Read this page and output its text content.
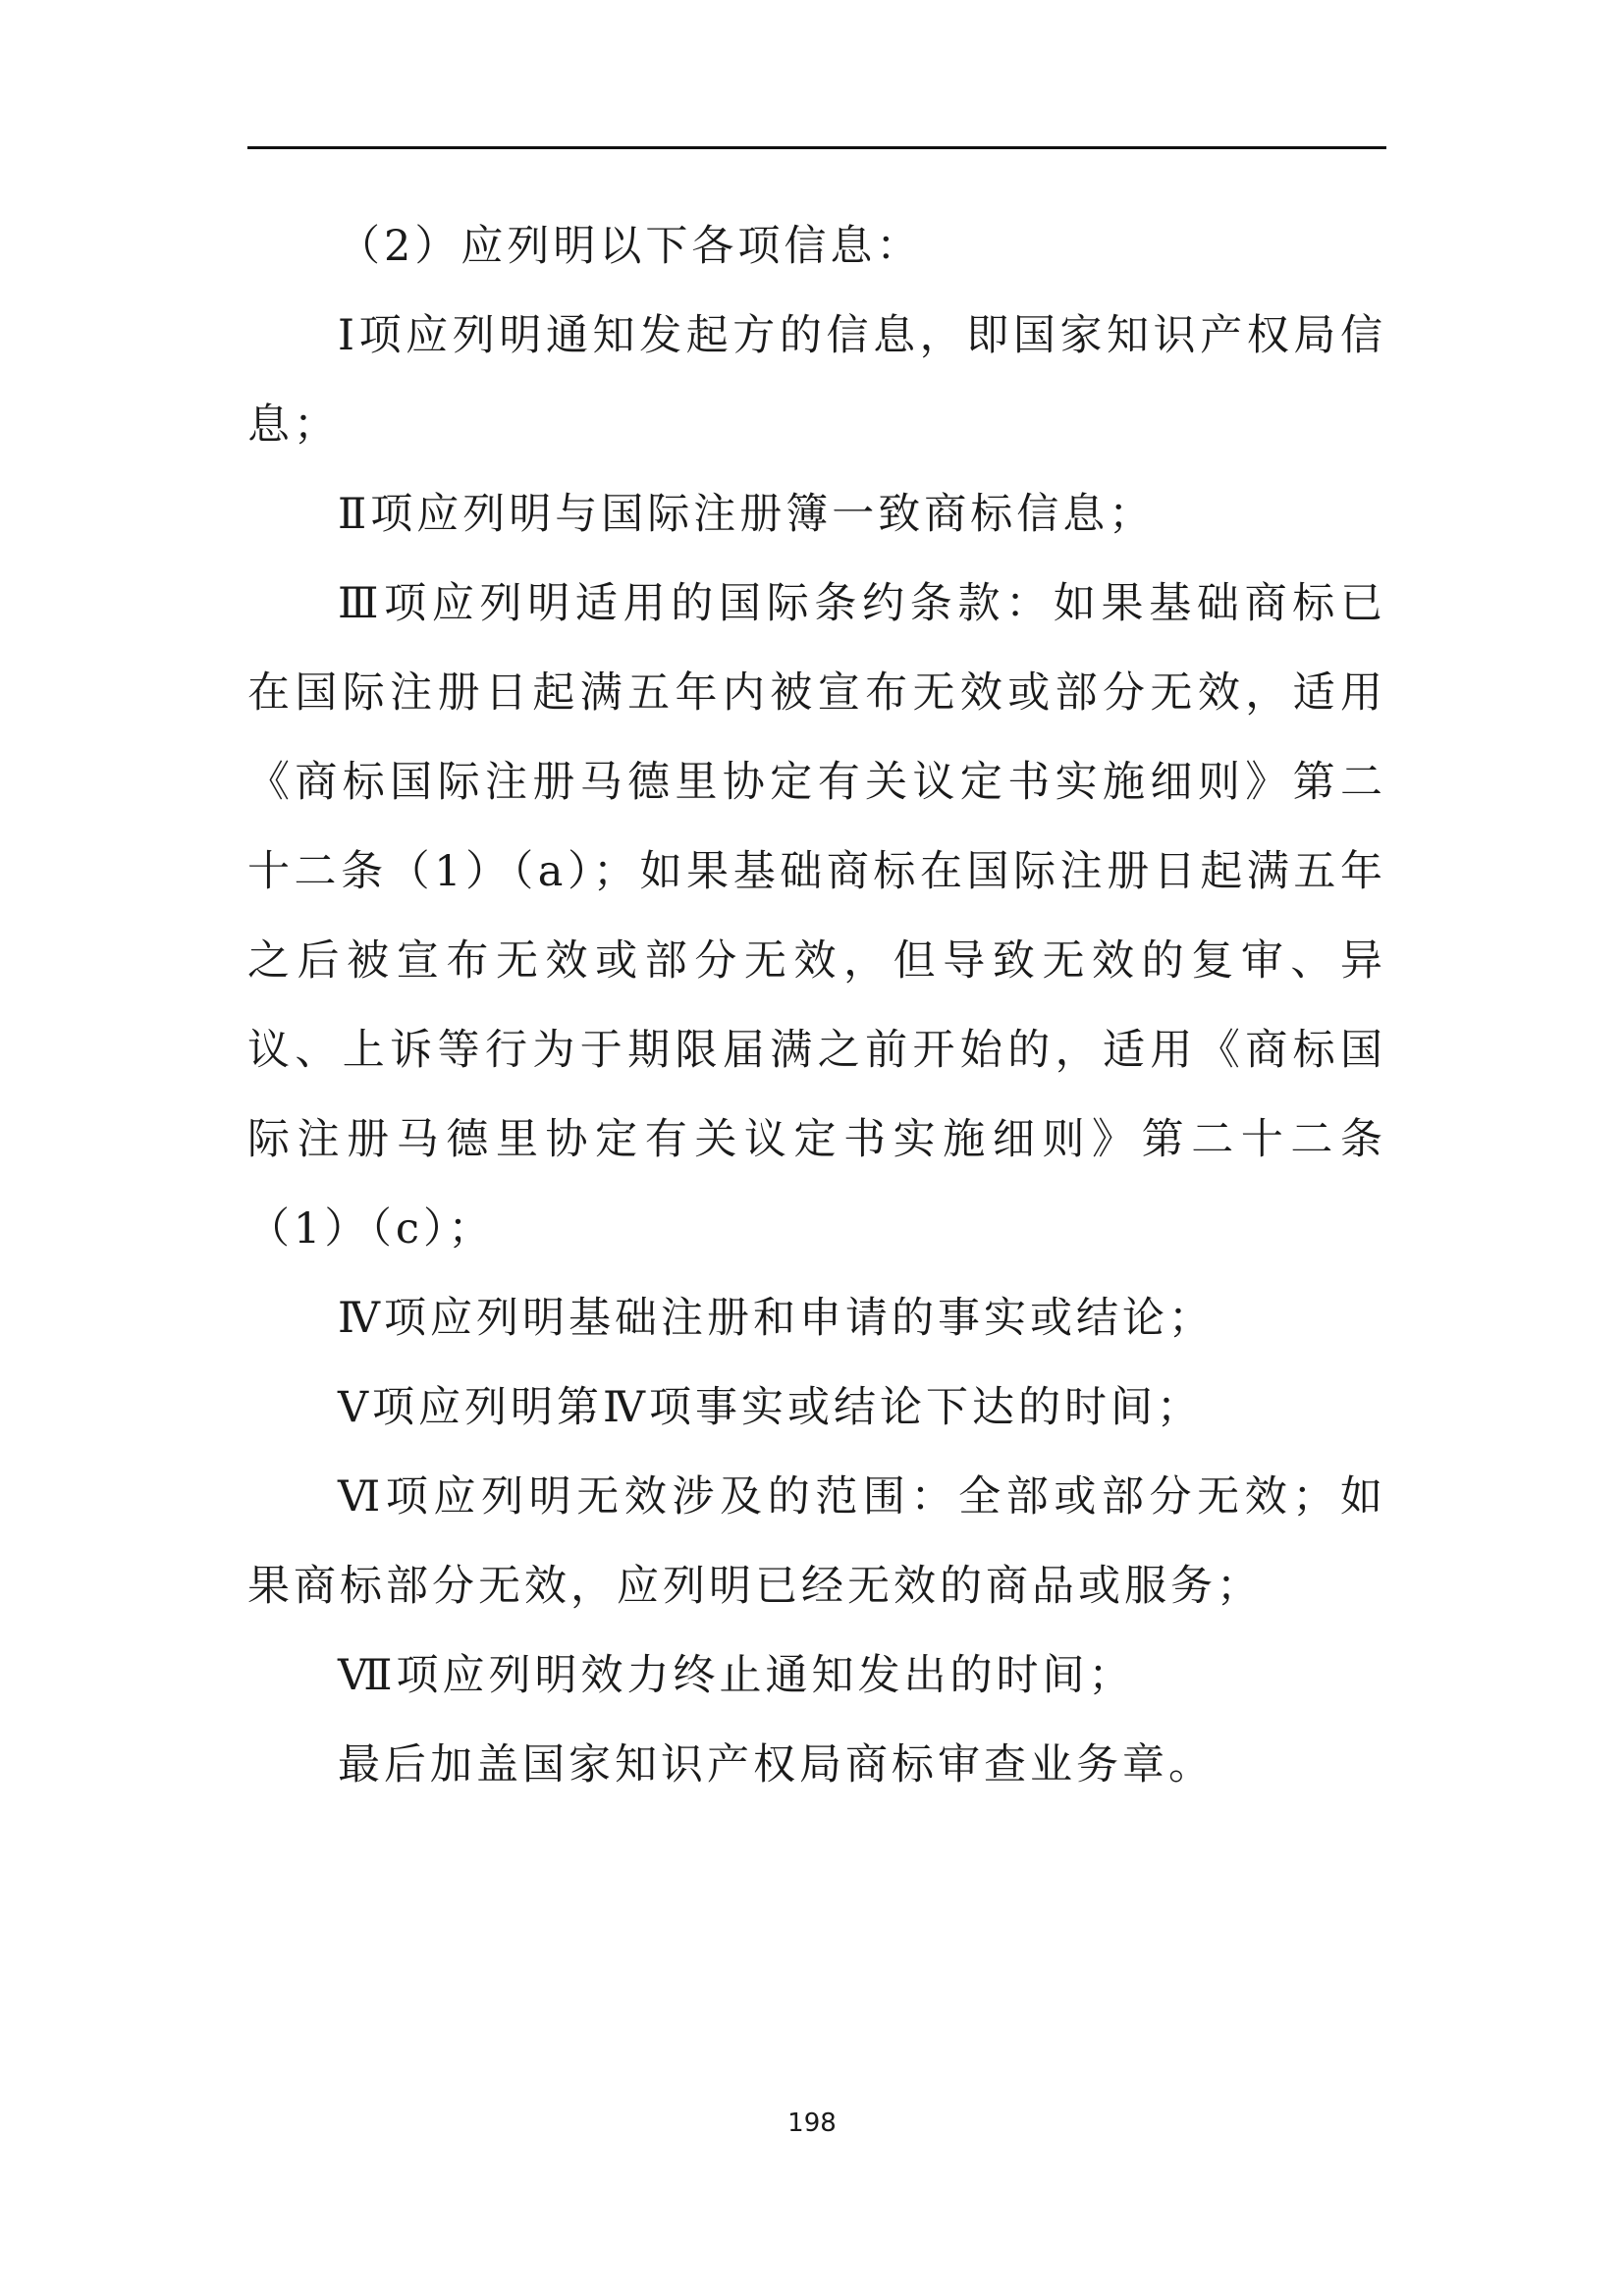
（2）应列明以下各项信息：

Ⅰ项应列明通知发起方的信息，即国家知识产权局信息；

Ⅱ项应列明与国际注册簿一致商标信息；

Ⅲ项应列明适用的国际条约条款：如果基础商标已在国际注册日起满五年内被宣布无效或部分无效，适用《商标国际注册马德里协定有关议定书实施细则》第二十二条（1）（a）；如果基础商标在国际注册日起满五年之后被宣布无效或部分无效，但导致无效的复审、异议、上诉等行为于期限届满之前开始的，适用《商标国际注册马德里协定有关议定书实施细则》第二十二条（1）（c）；

Ⅳ项应列明基础注册和申请的事实或结论；

Ⅴ项应列明第Ⅳ项事实或结论下达的时间；

Ⅵ项应列明无效涉及的范围：全部或部分无效；如果商标部分无效，应列明已经无效的商品或服务；

Ⅶ项应列明效力终止通知发出的时间；

最后加盖国家知识产权局商标审查业务章。

198
